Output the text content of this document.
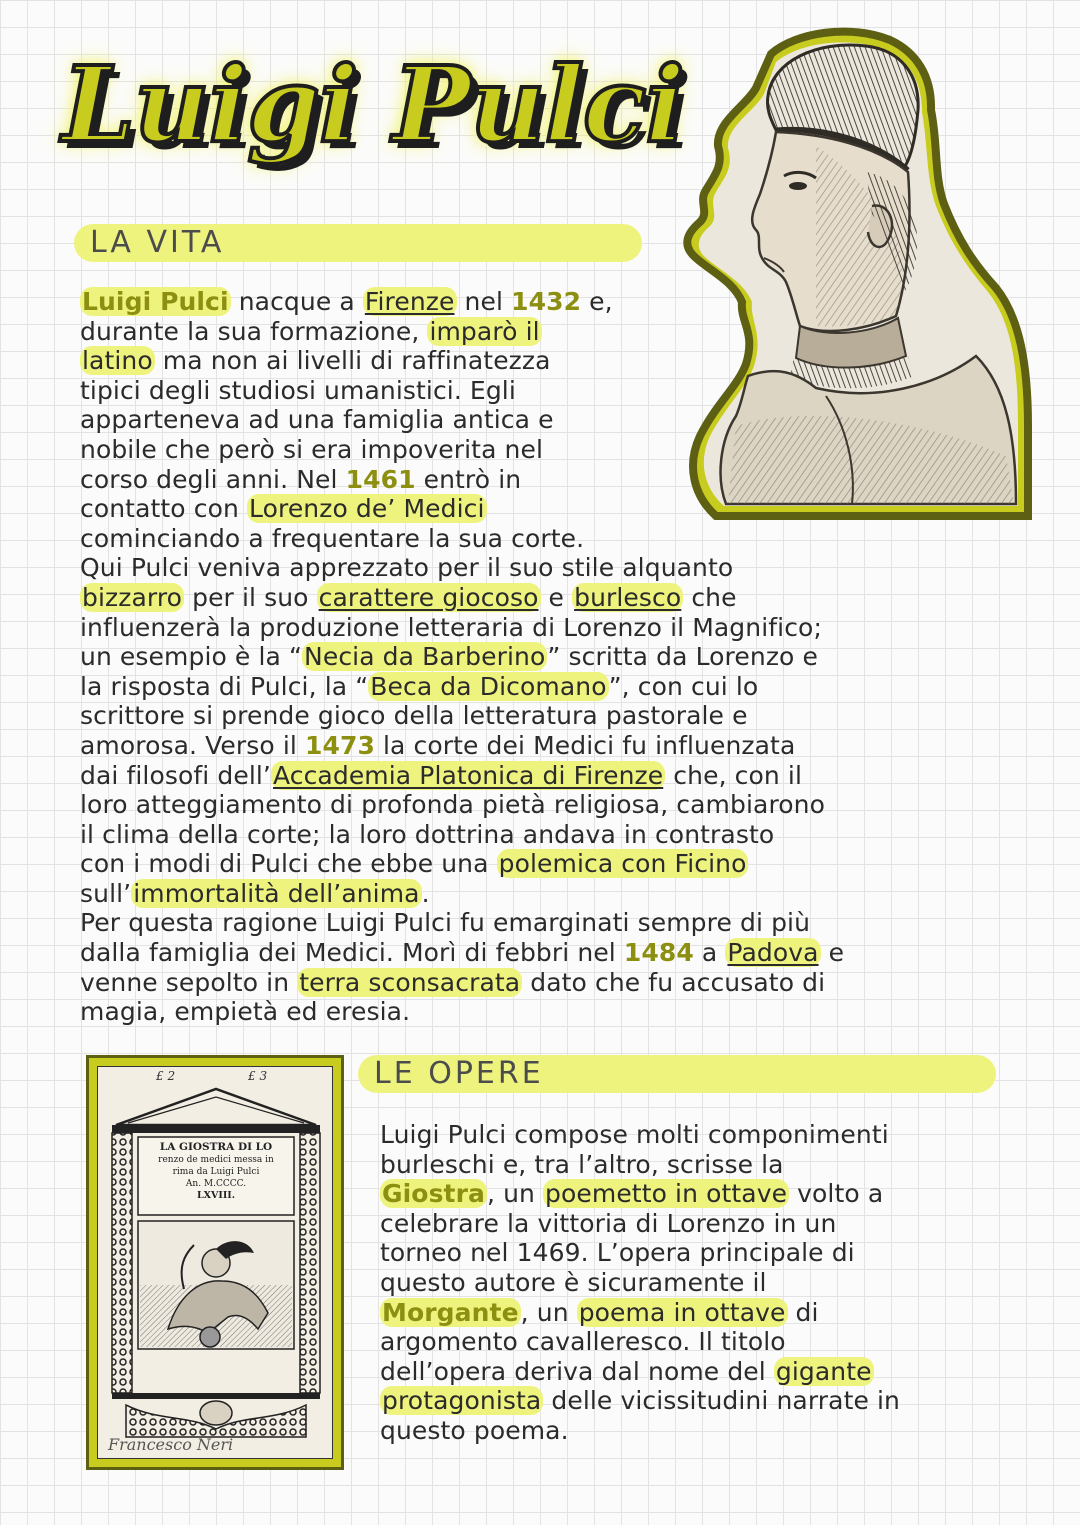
Luigi Pulci
LA VITA

Luigi Pulci nacque a Firenze nel 1432 e,

durante la sua formazione, imparò il

latino ma non ai livelli di raffinatezza

tipici degli studiosi umanistici. Egli

apparteneva ad una famiglia antica e

nobile che però si era impoverita nel

corso degli anni. Nel 1461 entrò in

contatto con Lorenzo de’ Medici

cominciando a frequentare la sua corte.

Qui Pulci veniva apprezzato per il suo stile alquanto

bizzarro per il suo carattere giocoso e burlesco che

influenzerà la produzione letteraria di Lorenzo il Magnifico;

un esempio è la “Necia da Barberino” scritta da Lorenzo e

la risposta di Pulci, la “Beca da Dicomano”, con cui lo

scrittore si prende gioco della letteratura pastorale e

amorosa. Verso il 1473 la corte dei Medici fu influenzata

dai filosofi dell’Accademia Platonica di Firenze che, con il

loro atteggiamento di profonda pietà religiosa, cambiarono

il clima della corte; la loro dottrina andava in contrasto

con i modi di Pulci che ebbe una polemica con Ficino

sull’immortalità dell’anima.

Per questa ragione Luigi Pulci fu emarginati sempre di più

dalla famiglia dei Medici. Morì di febbri nel 1484 a Padova e

venne sepolto in terra sconsacrata dato che fu accusato di

magia, empietà ed eresia.

£ 2	£ 3
LA GIOSTRA DI LO
renzo de medici messa in
rima da Luigi Pulci
An. M.CCCC.
LXVIII.
Francesco Neri
LE OPERE

Luigi Pulci compose molti componimenti

burleschi e, tra l’altro, scrisse la

Giostra, un poemetto in ottave volto a

celebrare la vittoria di Lorenzo in un

torneo nel 1469. L’opera principale di

questo autore è sicuramente il

Morgante, un poema in ottave di

argomento cavalleresco. Il titolo

dell’opera deriva dal nome del gigante

protagonista delle vicissitudini narrate in

questo poema.
